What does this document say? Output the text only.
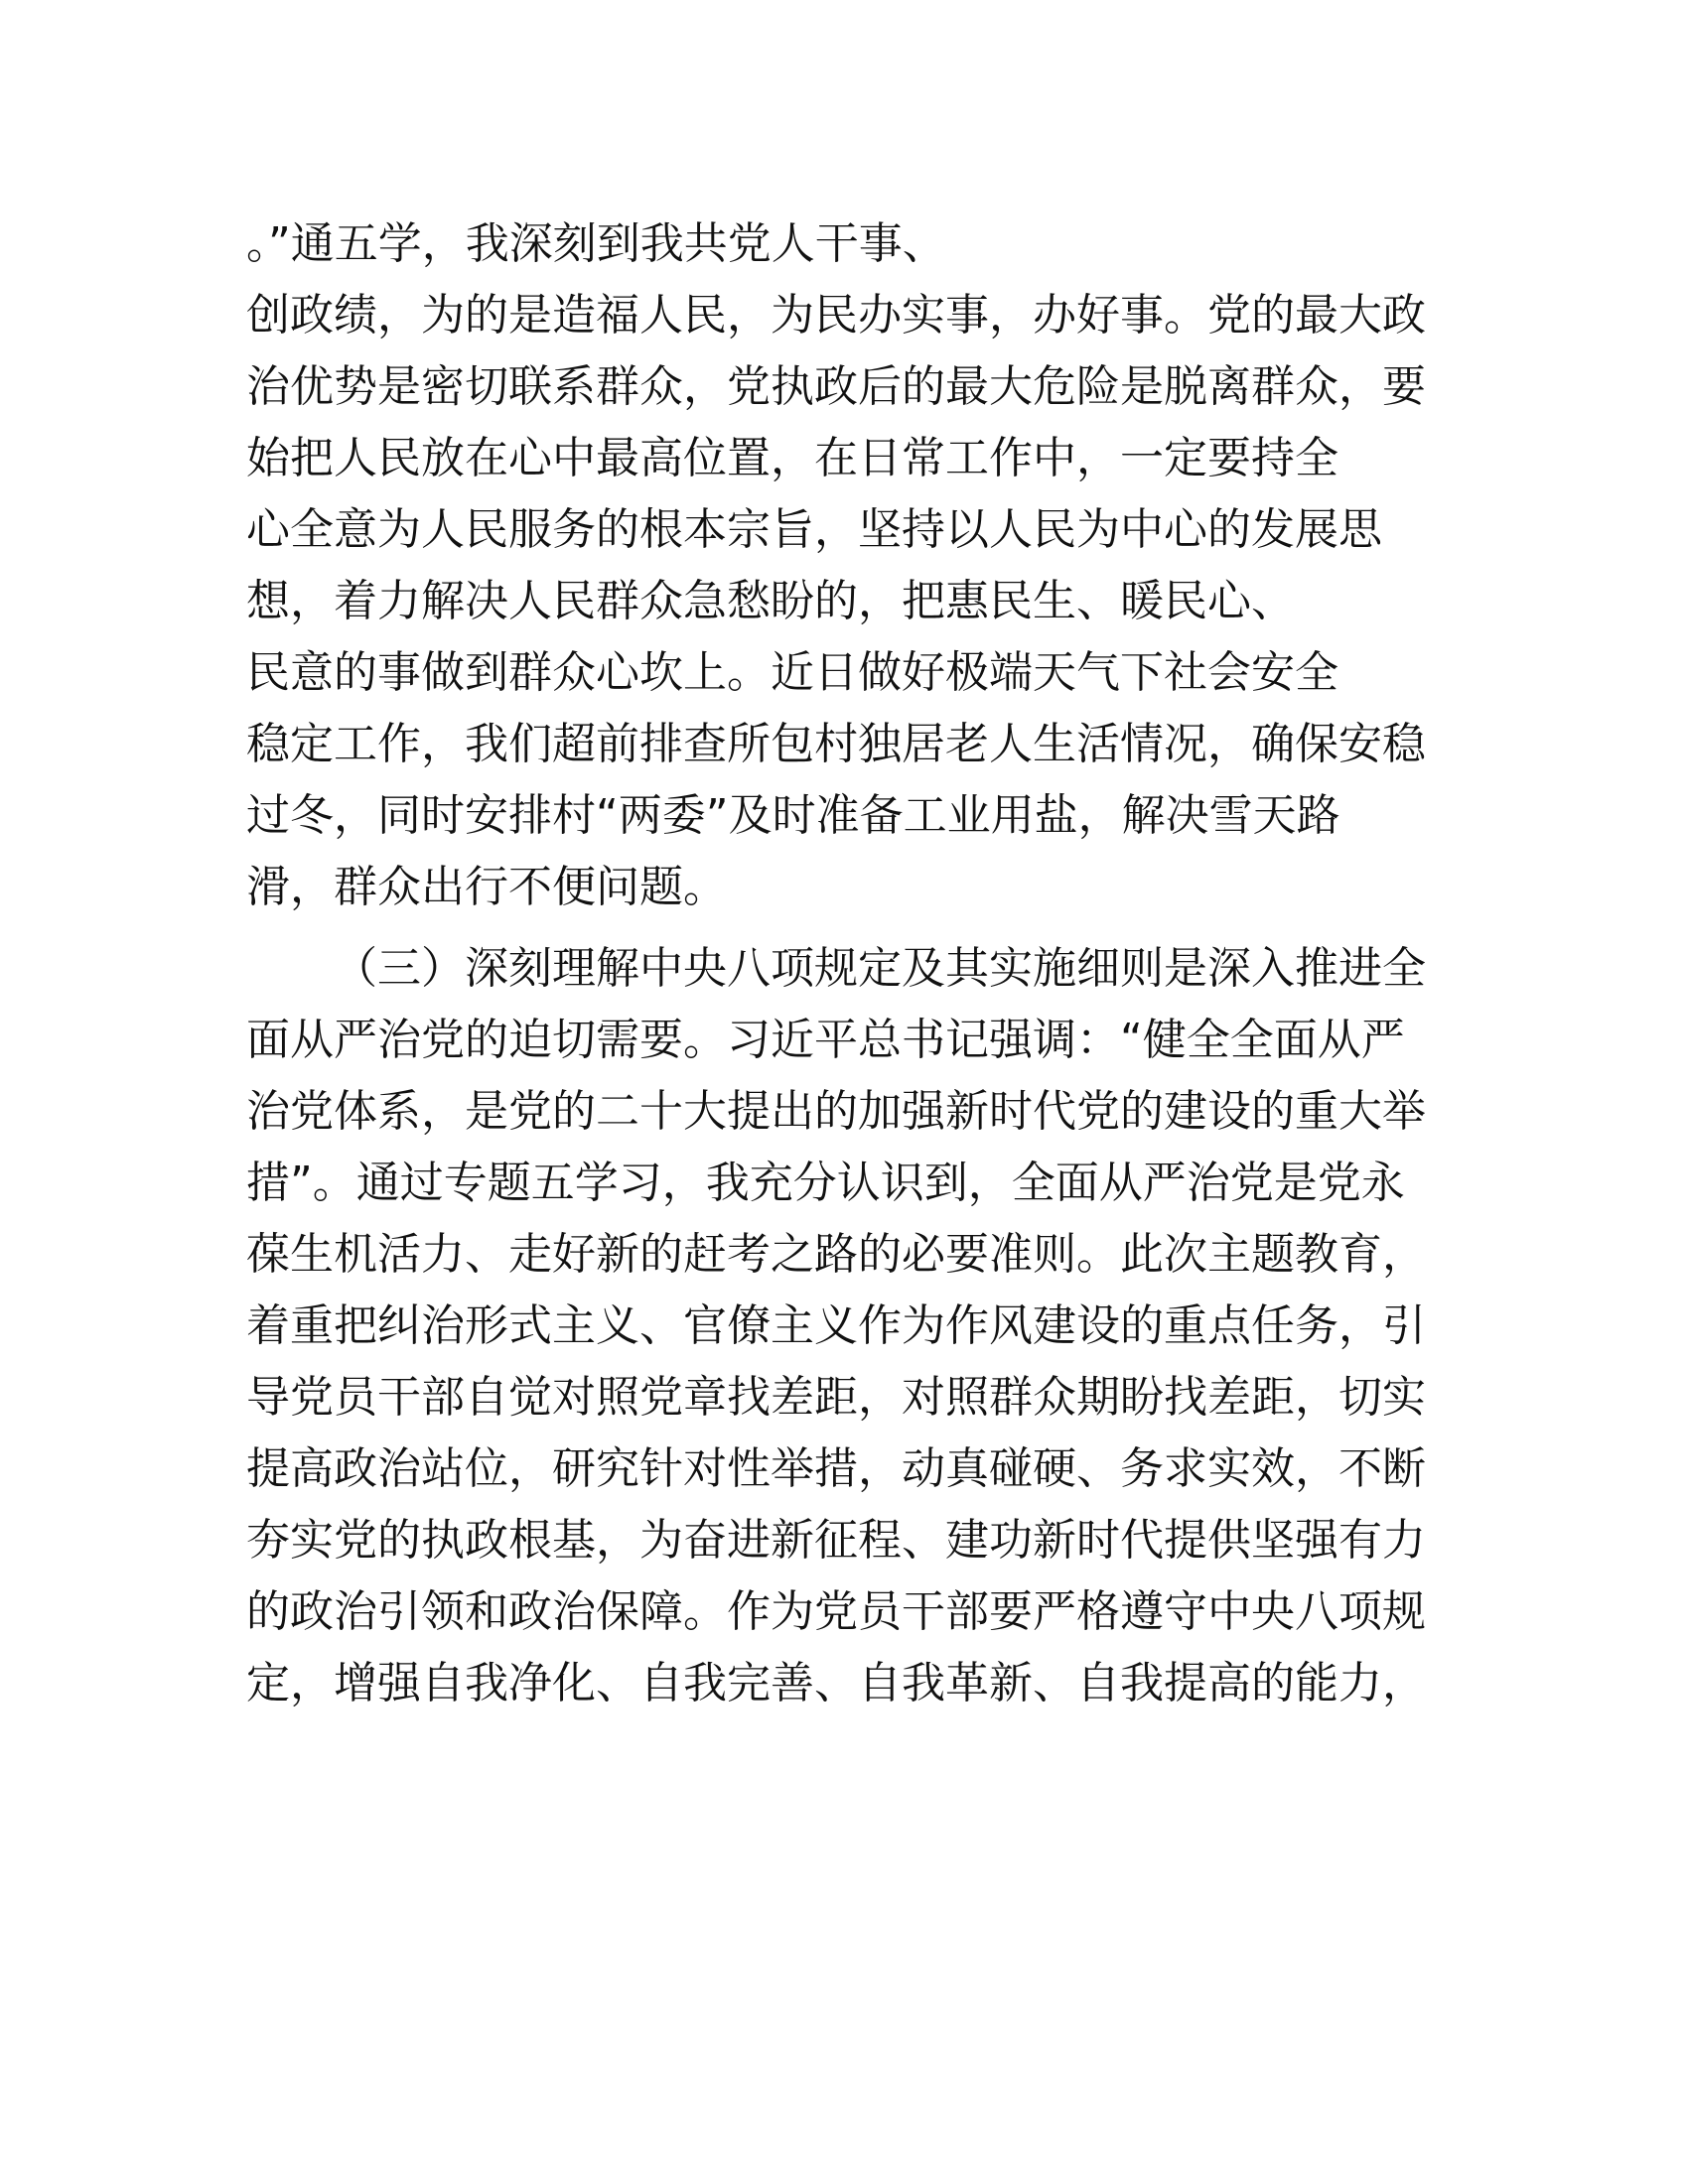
。”通五学，我深刻到我共党人干事、
创政绩，为的是造福人民，为民办实事，办好事。党的最大政
治优势是密切联系群众，党执政后的最大危险是脱离群众，要
始把人民放在心中最高位置，在日常工作中，一定要持全
心全意为人民服务的根本宗旨，坚持以人民为中心的发展思
想，着力解决人民群众急愁盼的，把惠民生、暖民心、
民意的事做到群众心坎上。近日做好极端天气下社会安全
稳定工作，我们超前排查所包村独居老人生活情况，确保安稳
过冬，同时安排村“两委”及时准备工业用盐，解决雪天路
滑，群众出行不便问题。
（三）深刻理解中央八项规定及其实施细则是深入推进全
面从严治党的迫切需要。习近平总书记强调：“健全全面从严
治党体系，是党的二十大提出的加强新时代党的建设的重大举
措”。通过专题五学习，我充分认识到，全面从严治党是党永
葆生机活力、走好新的赶考之路的必要准则。此次主题教育，
着重把纠治形式主义、官僚主义作为作风建设的重点任务，引
导党员干部自觉对照党章找差距，对照群众期盼找差距，切实
提高政治站位，研究针对性举措，动真碰硬、务求实效，不断
夯实党的执政根基，为奋进新征程、建功新时代提供坚强有力
的政治引领和政治保障。作为党员干部要严格遵守中央八项规
定，增强自我净化、自我完善、自我革新、自我提高的能力，
